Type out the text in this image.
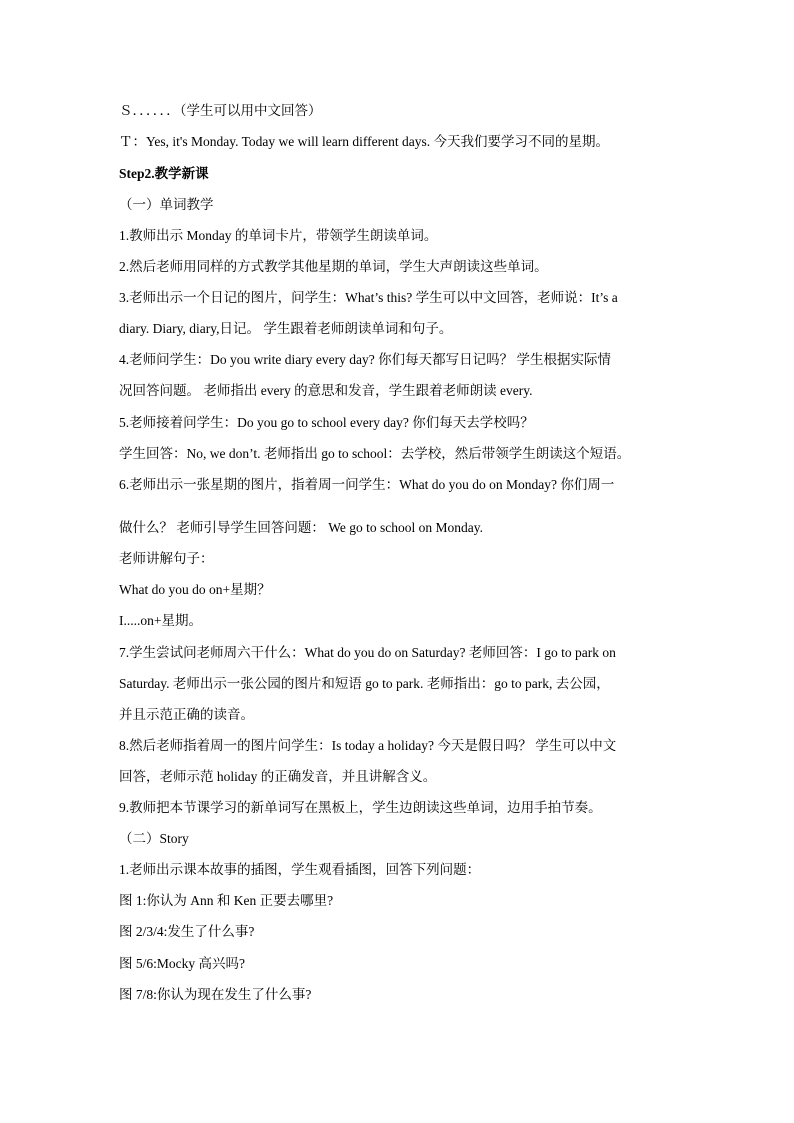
Ｓ．．．．．．（学生可以用中文回答）
Ｔ：Yes, it's Monday. Today we will learn different days. 今天我们要学习不同的星期。
Step2.教学新课
（一）单词教学
1.教师出示 Monday 的单词卡片，带领学生朗读单词。
2.然后老师用同样的方式教学其他星期的单词，学生大声朗读这些单词。
3.老师出示一个日记的图片，问学生：What’s this? 学生可以中文回答，老师说：It’s a
diary. Diary, diary,日记。 学生跟着老师朗读单词和句子。
4.老师问学生：Do you write diary every day? 你们每天都写日记吗？ 学生根据实际情
况回答问题。 老师指出 every 的意思和发音，学生跟着老师朗读 every.
5.老师接着问学生：Do you go to school every day? 你们每天去学校吗？
学生回答：No, we don’t. 老师指出 go to school：去学校，然后带领学生朗读这个短语。
6.老师出示一张星期的图片，指着周一问学生：What do you do on Monday? 你们周一
做什么？ 老师引导学生回答问题： We go to school on Monday.
老师讲解句子：
What do you do on+星期？
I.....on+星期。
7.学生尝试问老师周六干什么：What do you do on Saturday? 老师回答：I go to park on
Saturday. 老师出示一张公园的图片和短语 go to park. 老师指出：go to park, 去公园，
并且示范正确的读音。
8.然后老师指着周一的图片问学生：Is today a holiday? 今天是假日吗？ 学生可以中文
回答，老师示范 holiday 的正确发音，并且讲解含义。
9.教师把本节课学习的新单词写在黑板上，学生边朗读这些单词，边用手拍节奏。
（二）Story
1.老师出示课本故事的插图，学生观看插图，回答下列问题：
图 1:你认为 Ann 和 Ken 正要去哪里?
图 2/3/4:发生了什么事?
图 5/6:Mocky 高兴吗?
图 7/8:你认为现在发生了什么事?
